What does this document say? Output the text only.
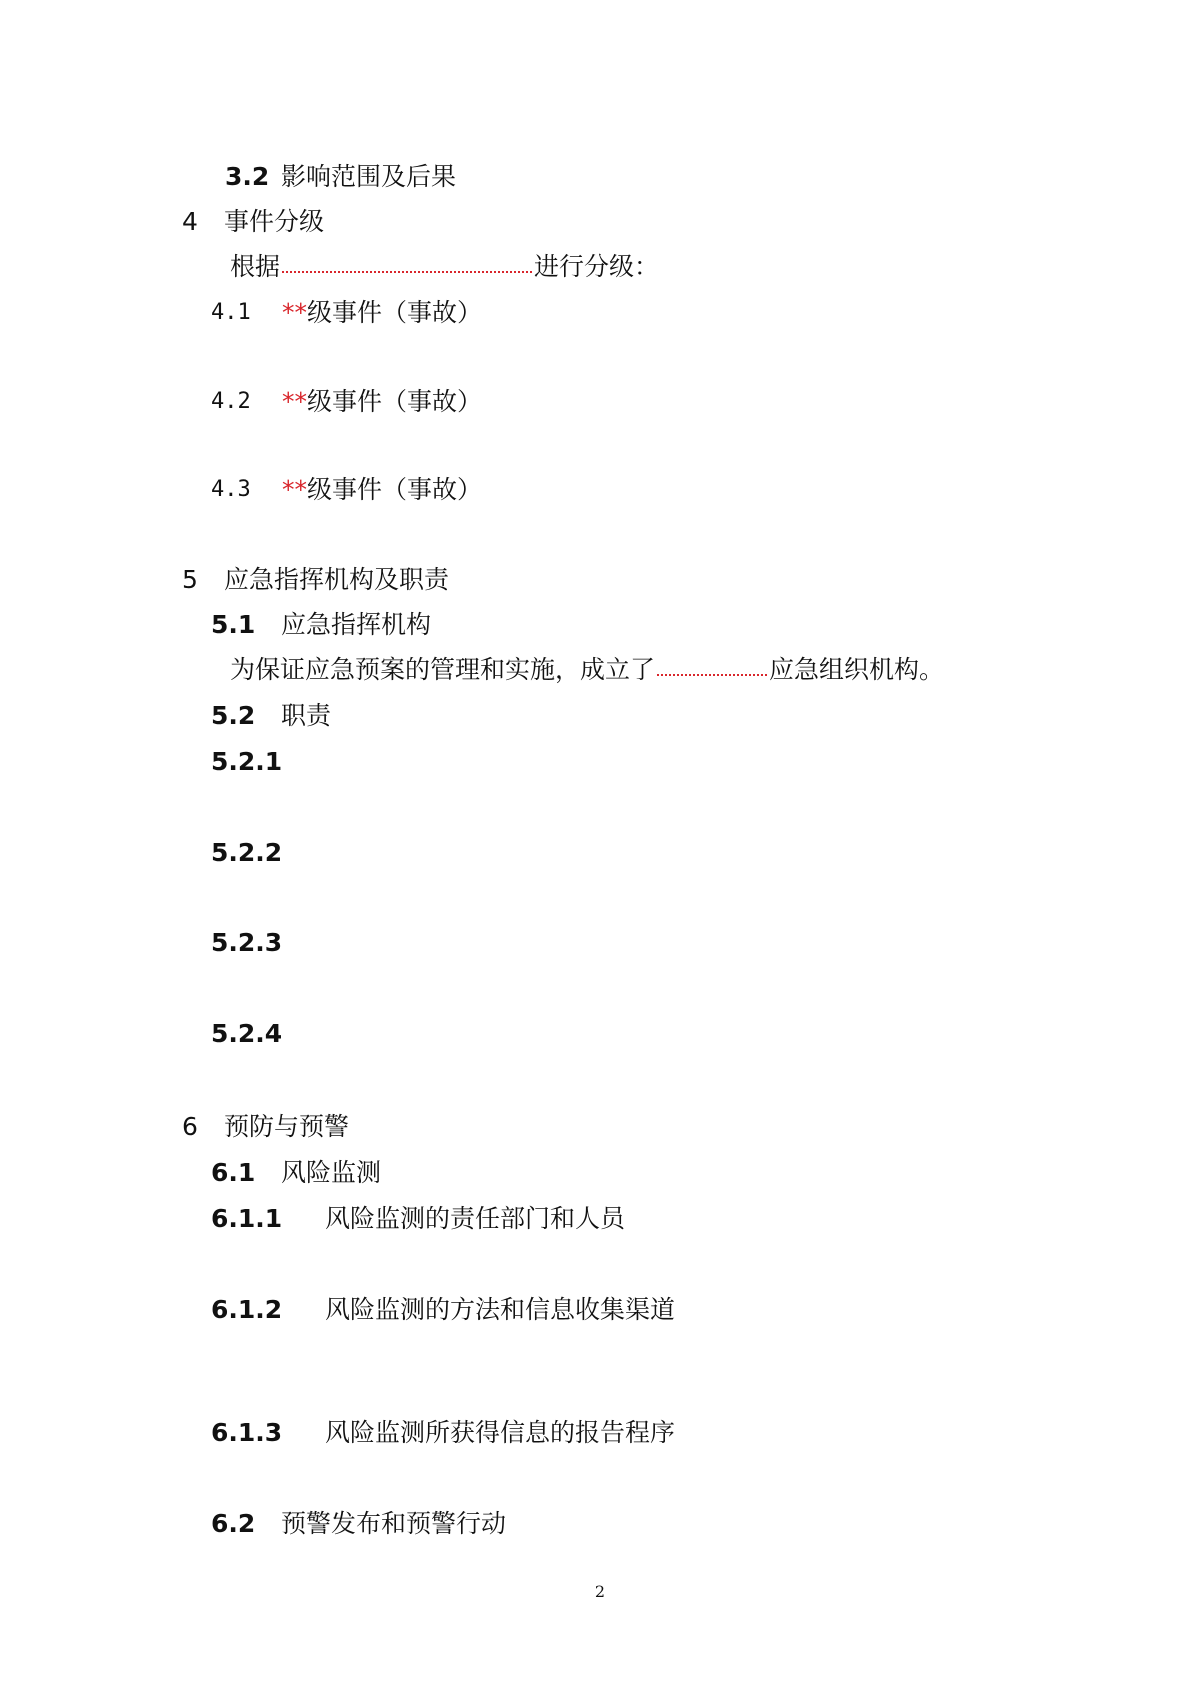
3.2 影响范围及后果
4 事件分级
根据	进行分级：
4.1 **级事件（事故）
4.2 **级事件（事故）
4.3 **级事件（事故）
5 应急指挥机构及职责
5.1 应急指挥机构
为保证应急预案的管理和实施，成立了	应急组织机构。
5.2 职责
5.2.1
5.2.2
5.2.3
5.2.4
6 预防与预警
6.1 风险监测
6.1.1 风险监测的责任部门和人员
6.1.2 风险监测的方法和信息收集渠道
6.1.3 风险监测所获得信息的报告程序
6.2 预警发布和预警行动
2
